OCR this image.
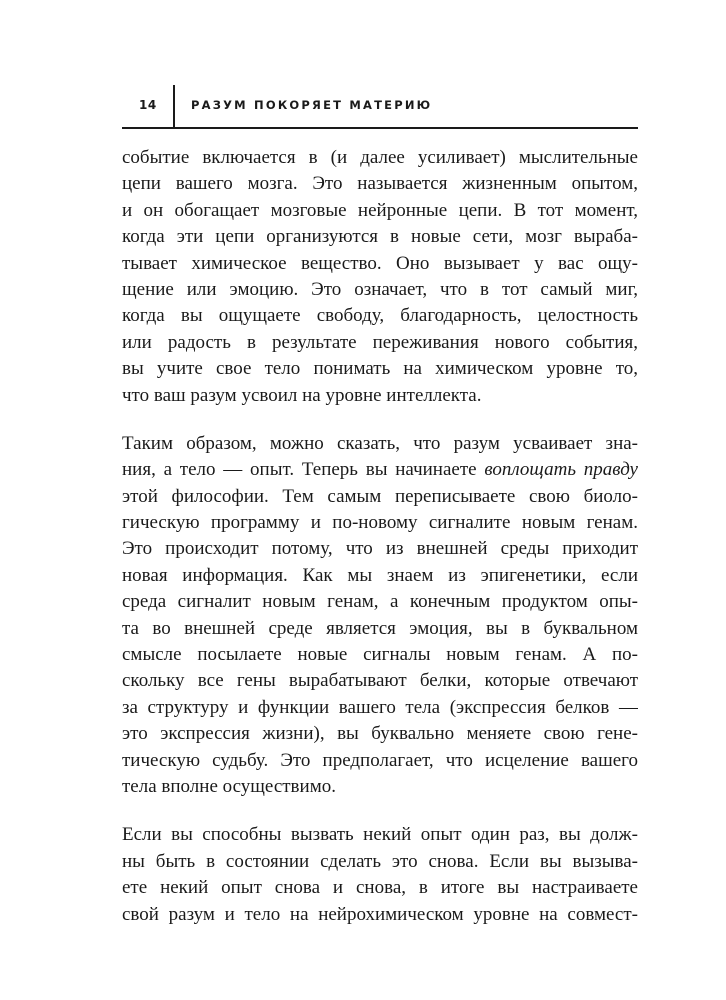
14	РАЗУМ ПОКОРЯЕТ МАТЕРИЮ
событие включается в (и далее усиливает) мыслительные
цепи вашего мозга. Это называется жизненным опытом,
и он обогащает мозговые нейронные цепи. В тот момент,
когда эти цепи организуются в новые сети, мозг выраба-
тывает химическое вещество. Оно вызывает у вас ощу-
щение или эмоцию. Это означает, что в тот самый миг,
когда вы ощущаете свободу, благодарность, целостность
или радость в результате переживания нового события,
вы учите свое тело понимать на химическом уровне то,
что ваш разум усвоил на уровне интеллекта.
Таким образом, можно сказать, что разум усваивает зна-
ния, а тело — опыт. Теперь вы начинаете воплощать правду
этой философии. Тем самым переписываете свою биоло-
гическую программу и по-новому сигналите новым генам.
Это происходит потому, что из внешней среды приходит
новая информация. Как мы знаем из эпигенетики, если
среда сигналит новым генам, а конечным продуктом опы-
та во внешней среде является эмоция, вы в буквальном
смысле посылаете новые сигналы новым генам. А по-
скольку все гены вырабатывают белки, которые отвечают
за структуру и функции вашего тела (экспрессия белков —
это экспрессия жизни), вы буквально меняете свою генe-
тическую судьбу. Это предполагает, что исцеление вашего
тела вполне осуществимо.
Если вы способны вызвать некий опыт один раз, вы долж-
ны быть в состоянии сделать это снова. Если вы вызыва-
ете некий опыт снова и снова, в итоге вы настраиваете
свой разум и тело на нейрохимическом уровне на совмест-
